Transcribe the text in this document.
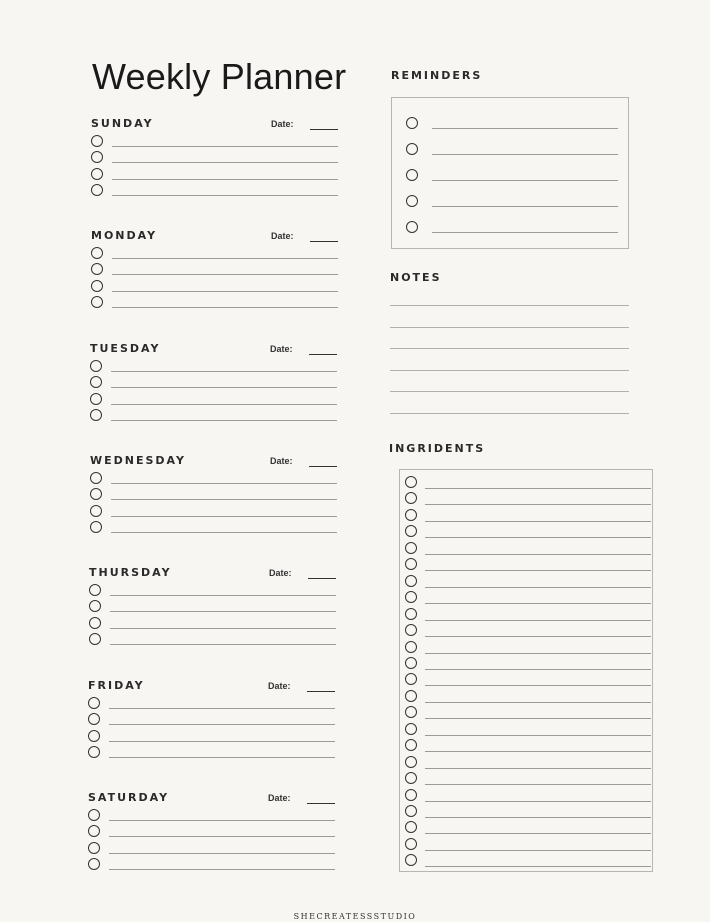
Weekly Planner
SUNDAY	Date:
MONDAY	Date:
TUESDAY	Date:
WEDNESDAY	Date:
THURSDAY	Date:
FRIDAY	Date:
SATURDAY	Date:
REMINDERS
NOTES
INGRIDENTS
SHECREATESSSTUDIO
